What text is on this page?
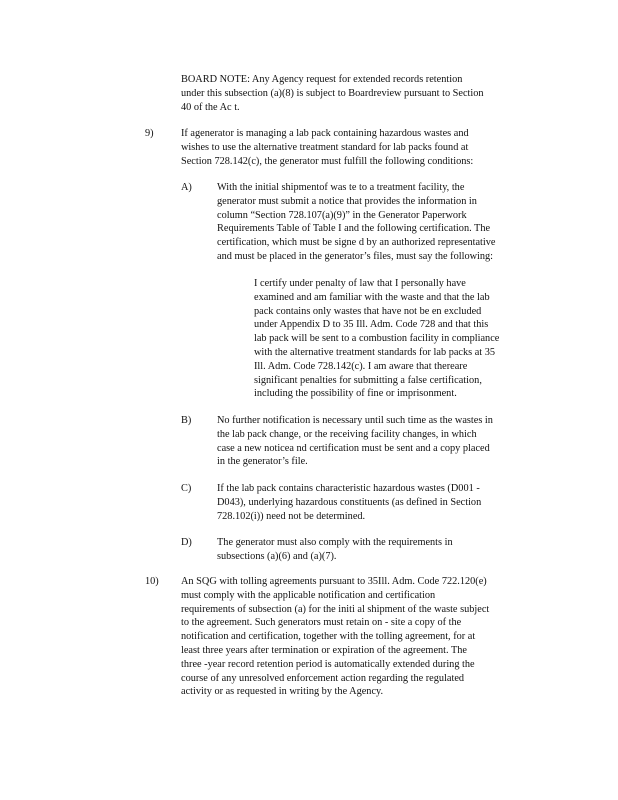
BOARD NOTE: Any Agency request for extended records retention
under this subsection (a)(8) is subject to Boardreview pursuant to Section
40 of the Ac t.
9)	If agenerator is managing a lab pack containing hazardous wastes and
wishes to use the alternative treatment standard for lab packs found at
Section 728.142(c), the generator must fulfill the following conditions:
A) With the initial shipmentof was te to a treatment facility, the
generator must submit a notice that provides the information in
column “Section 728.107(a)(9)” in the Generator Paperwork
Requirements Table of Table I and the following certification. The
certification, which must be signe d by an authorized representative
and must be placed in the generator’s files, must say the following:
I certify under penalty of law that I personally have
examined and am familiar with the waste and that the lab
pack contains only wastes that have not be en excluded
under Appendix D to 35 Ill. Adm. Code 728 and that this
lab pack will be sent to a combustion facility in compliance
with the alternative treatment standards for lab packs at 35
Ill. Adm. Code 728.142(c). I am aware that thereare
significant penalties for submitting a false certification,
including the possibility of fine or imprisonment.
B) No further notification is necessary until such time as the wastes in
the lab pack change, or the receiving facility changes, in which
case a new noticea nd certification must be sent and a copy placed
in the generator’s file.
C) If the lab pack contains characteristic hazardous wastes (D001 -
D043), underlying hazardous constituents (as defined in Section
728.102(i)) need not be determined.
D) The generator must also comply with the requirements in
subsections (a)(6) and (a)(7).
10) An SQG with tolling agreements pursuant to 35Ill. Adm. Code 722.120(e)
must comply with the applicable notification and certification
requirements of subsection (a) for the initi al shipment of the waste subject
to the agreement. Such generators must retain on - site a copy of the
notification and certification, together with the tolling agreement, for at
least three years after termination or expiration of the agreement. The
three -year record retention period is automatically extended during the
course of any unresolved enforcement action regarding the regulated
activity or as requested in writing by the Agency.
